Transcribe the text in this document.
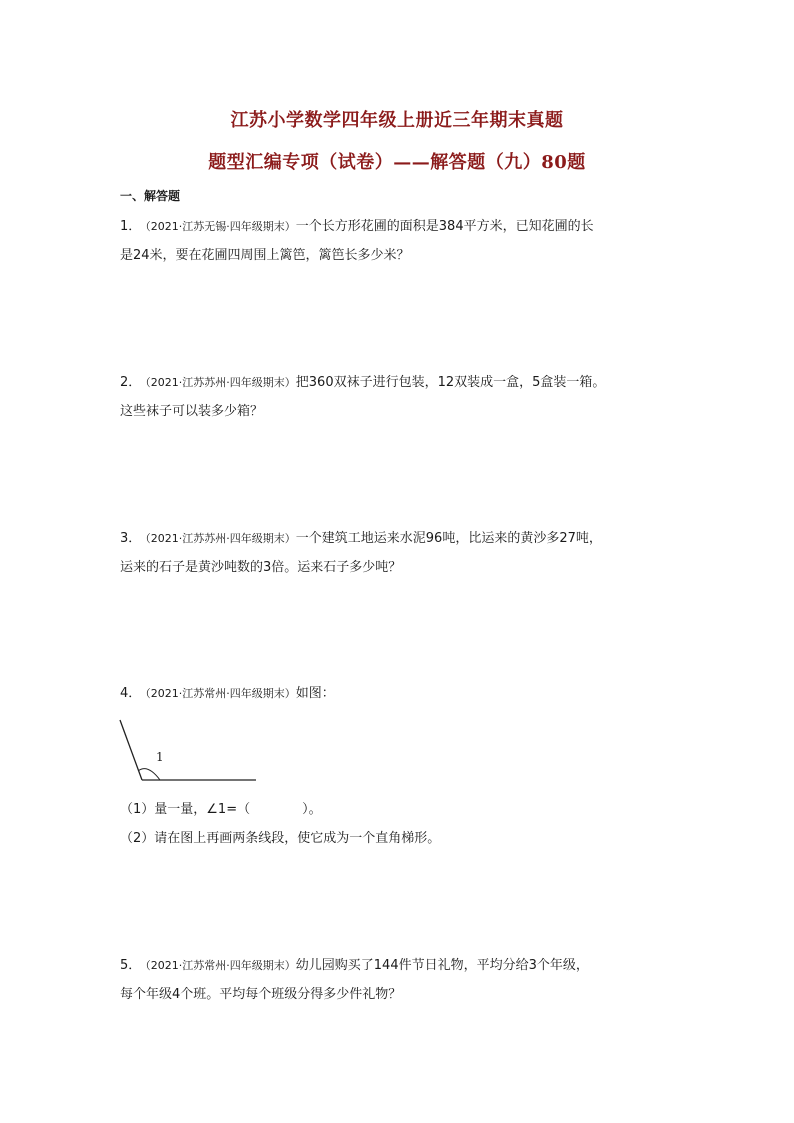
江苏小学数学四年级上册近三年期末真题
题型汇编专项（试卷）——解答题（九）80题
一、解答题
1． （2021·江苏无锡·四年级期末）一个长方形花圃的面积是384平方米，已知花圃的长
是24米，要在花圃四周围上篱笆，篱笆长多少米？
2． （2021·江苏苏州·四年级期末）把360双袜子进行包装，12双装成一盒，5盒装一箱。
这些袜子可以装多少箱？
3． （2021·江苏苏州·四年级期末）一个建筑工地运来水泥96吨，比运来的黄沙多27吨，
运来的石子是黄沙吨数的3倍。运来石子多少吨？
4． （2021·江苏常州·四年级期末）如图：
1
（1）量一量，∠1=（　　　　）。
（2）请在图上再画两条线段，使它成为一个直角梯形。
5． （2021·江苏常州·四年级期末）幼儿园购买了144件节日礼物，平均分给3个年级，
每个年级4个班。平均每个班级分得多少件礼物？
